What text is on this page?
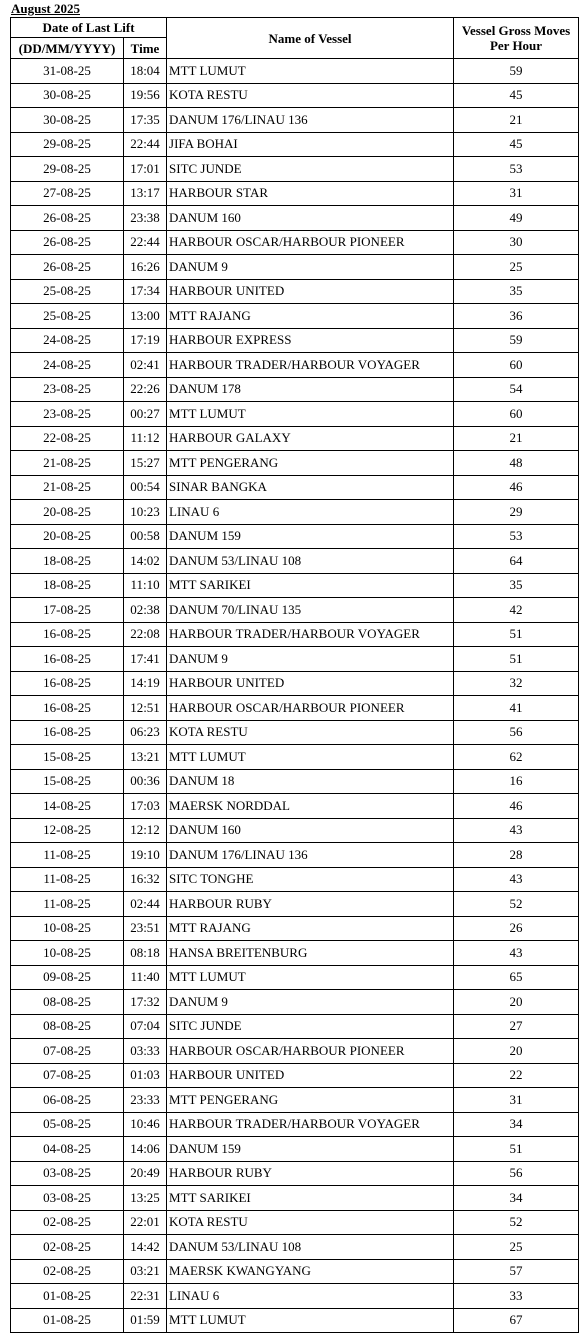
August 2025
Date of Last Lift		Name of Vessel	Vessel Gross Moves Per Hour
(DD/MM/YYYY)	Time		
31-08-25	18:04	MTT LUMUT	59
30-08-25	19:56	KOTA RESTU	45
30-08-25	17:35	DANUM 176/LINAU 136	21
29-08-25	22:44	JIFA BOHAI	45
29-08-25	17:01	SITC JUNDE	53
27-08-25	13:17	HARBOUR STAR	31
26-08-25	23:38	DANUM 160	49
26-08-25	22:44	HARBOUR OSCAR/HARBOUR PIONEER	30
26-08-25	16:26	DANUM 9	25
25-08-25	17:34	HARBOUR UNITED	35
25-08-25	13:00	MTT RAJANG	36
24-08-25	17:19	HARBOUR EXPRESS	59
24-08-25	02:41	HARBOUR TRADER/HARBOUR VOYAGER	60
23-08-25	22:26	DANUM 178	54
23-08-25	00:27	MTT LUMUT	60
22-08-25	11:12	HARBOUR GALAXY	21
21-08-25	15:27	MTT PENGERANG	48
21-08-25	00:54	SINAR BANGKA	46
20-08-25	10:23	LINAU 6	29
20-08-25	00:58	DANUM 159	53
18-08-25	14:02	DANUM 53/LINAU 108	64
18-08-25	11:10	MTT SARIKEI	35
17-08-25	02:38	DANUM 70/LINAU 135	42
16-08-25	22:08	HARBOUR TRADER/HARBOUR VOYAGER	51
16-08-25	17:41	DANUM 9	51
16-08-25	14:19	HARBOUR UNITED	32
16-08-25	12:51	HARBOUR OSCAR/HARBOUR PIONEER	41
16-08-25	06:23	KOTA RESTU	56
15-08-25	13:21	MTT LUMUT	62
15-08-25	00:36	DANUM 18	16
14-08-25	17:03	MAERSK NORDDAL	46
12-08-25	12:12	DANUM 160	43
11-08-25	19:10	DANUM 176/LINAU 136	28
11-08-25	16:32	SITC TONGHE	43
11-08-25	02:44	HARBOUR RUBY	52
10-08-25	23:51	MTT RAJANG	26
10-08-25	08:18	HANSA BREITENBURG	43
09-08-25	11:40	MTT LUMUT	65
08-08-25	17:32	DANUM 9	20
08-08-25	07:04	SITC JUNDE	27
07-08-25	03:33	HARBOUR OSCAR/HARBOUR PIONEER	20
07-08-25	01:03	HARBOUR UNITED	22
06-08-25	23:33	MTT PENGERANG	31
05-08-25	10:46	HARBOUR TRADER/HARBOUR VOYAGER	34
04-08-25	14:06	DANUM 159	51
03-08-25	20:49	HARBOUR RUBY	56
03-08-25	13:25	MTT SARIKEI	34
02-08-25	22:01	KOTA RESTU	52
02-08-25	14:42	DANUM 53/LINAU 108	25
02-08-25	03:21	MAERSK KWANGYANG	57
01-08-25	22:31	LINAU 6	33
01-08-25	01:59	MTT LUMUT	67
